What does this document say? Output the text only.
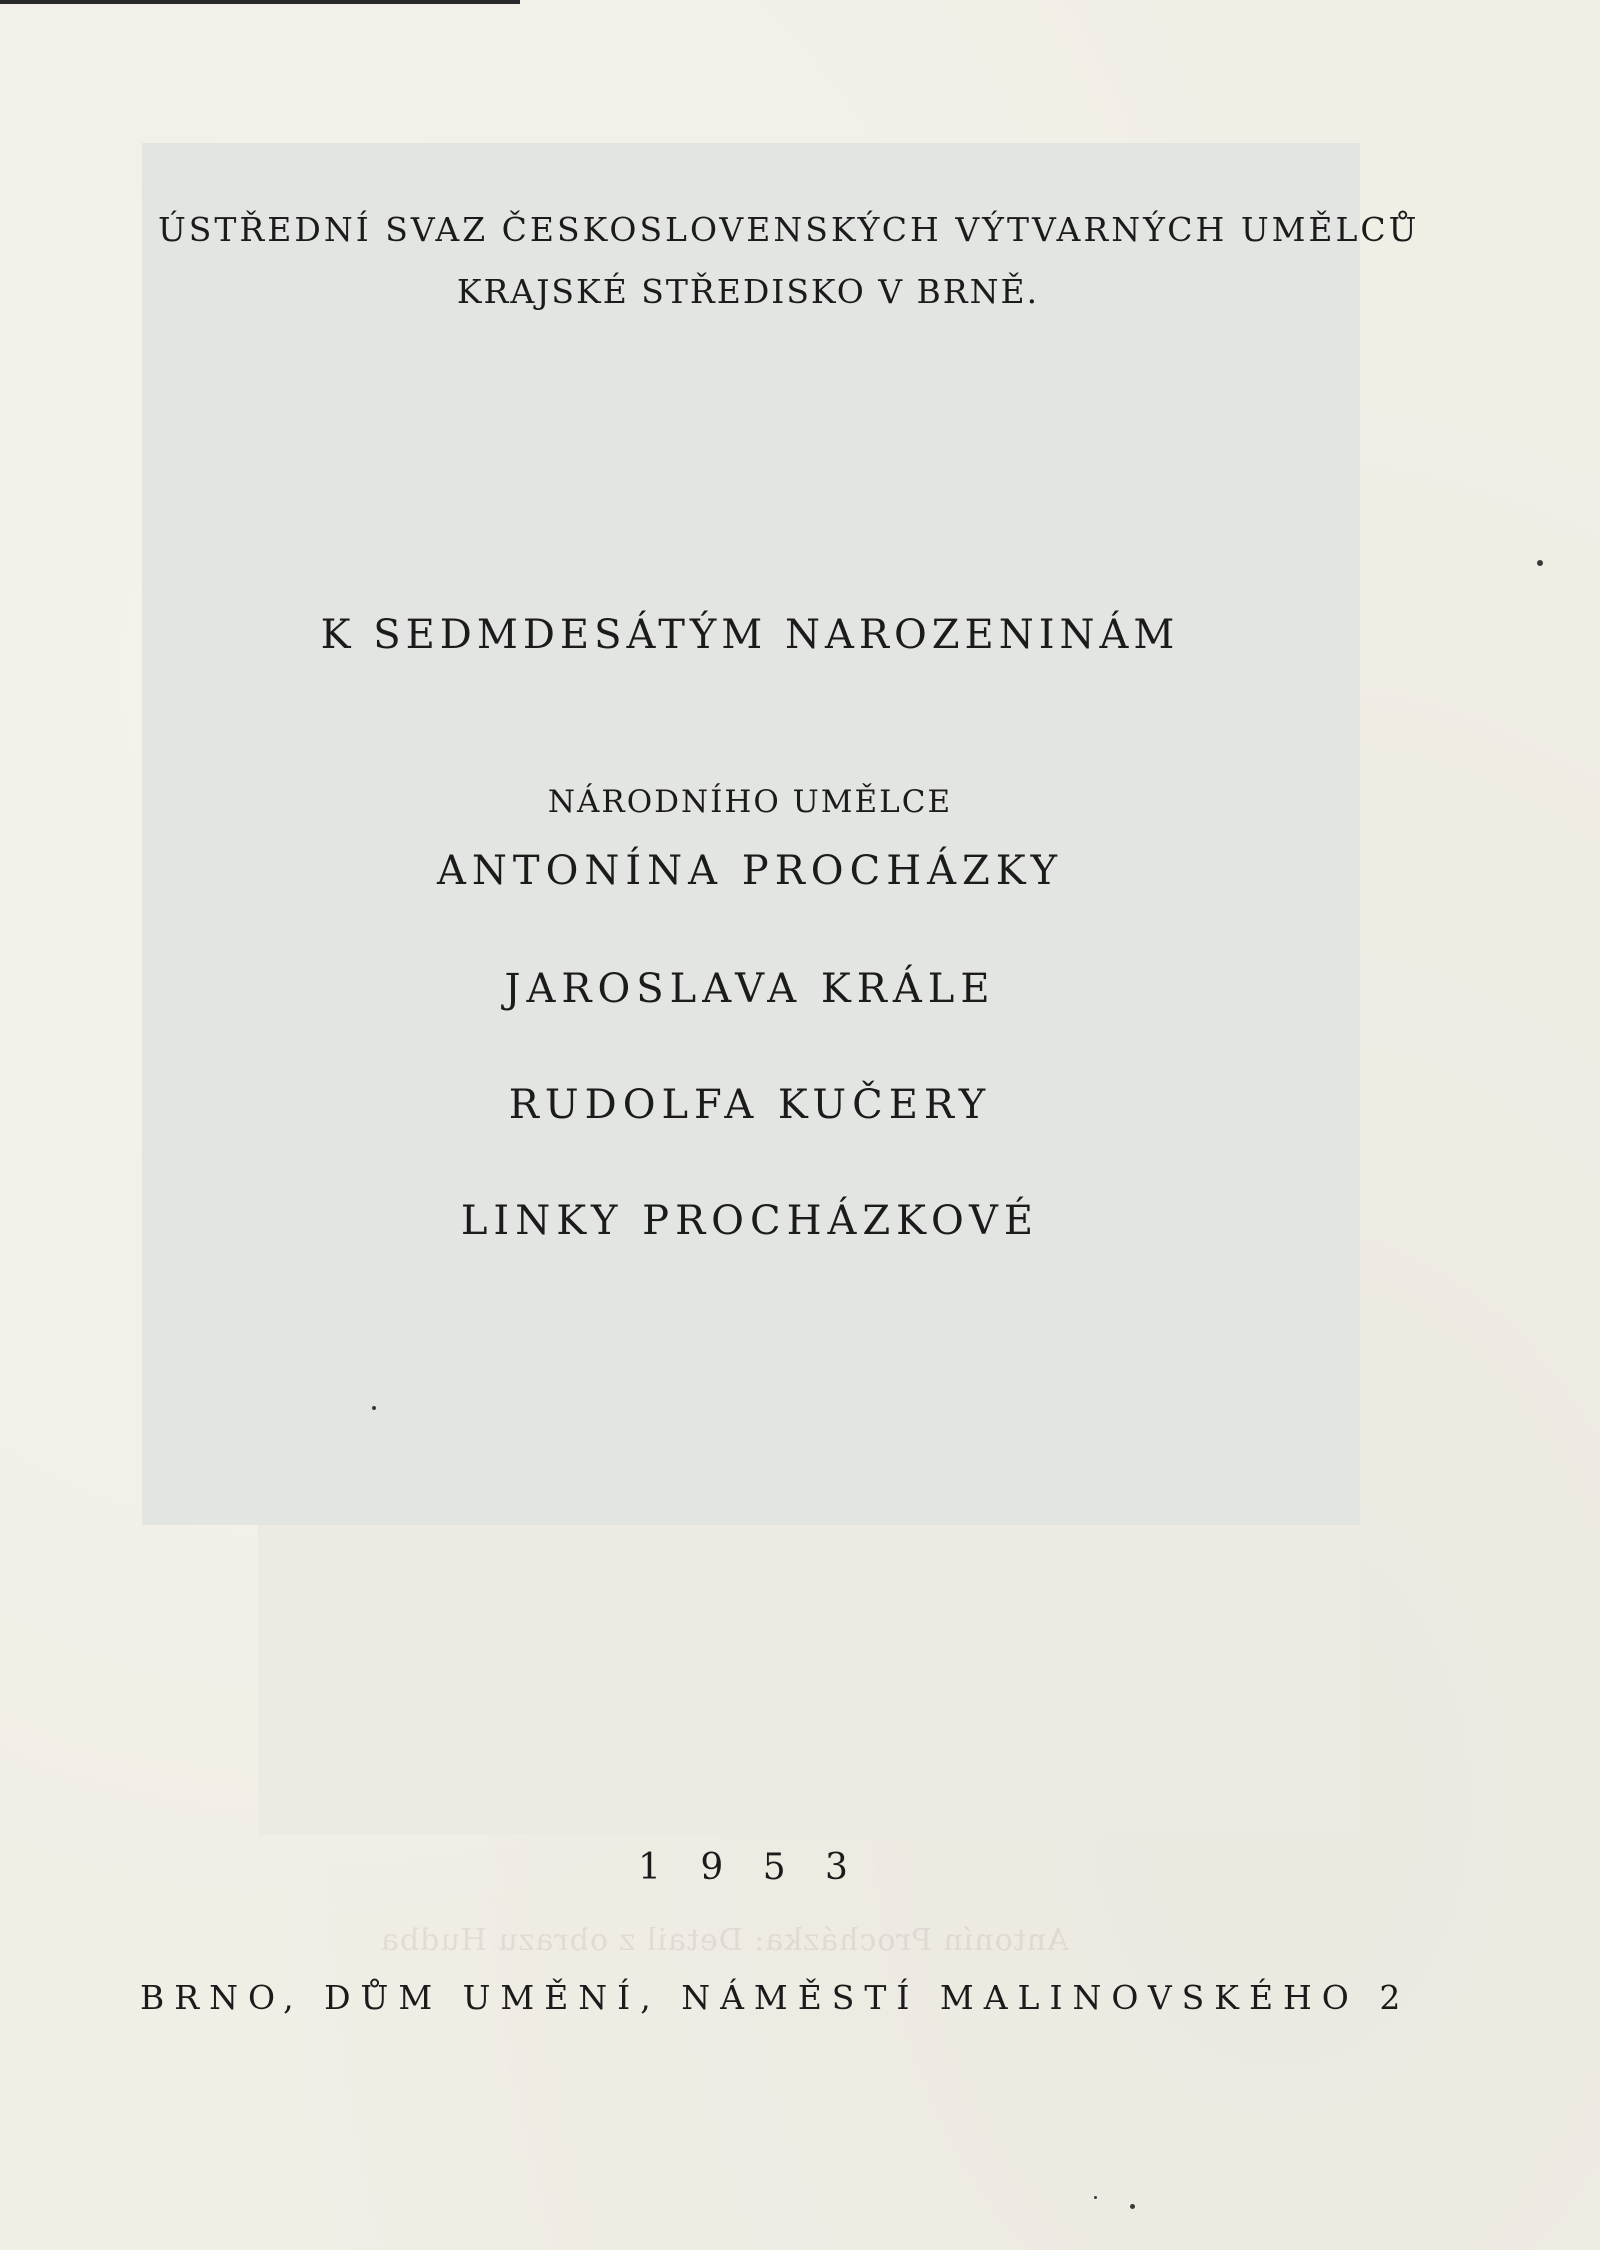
ÚSTŘEDNÍ SVAZ ČESKOSLOVENSKÝCH VÝTVARNÝCH UMĚLCŮ
KRAJSKÉ STŘEDISKO V BRNĚ.
K SEDMDESÁTÝM NAROZENINÁM
NÁRODNÍHO UMĚLCE
ANTONÍNA PROCHÁZKY
JAROSLAVA KRÁLE
RUDOLFA KUČERY
LINKY PROCHÁZKOVÉ
Antonín Procházka: Detail z obrazu Hudba
1 9 5 3
BRNO, DŮM UMĚNÍ, NÁMĚSTÍ MALINOVSKÉHO 2
